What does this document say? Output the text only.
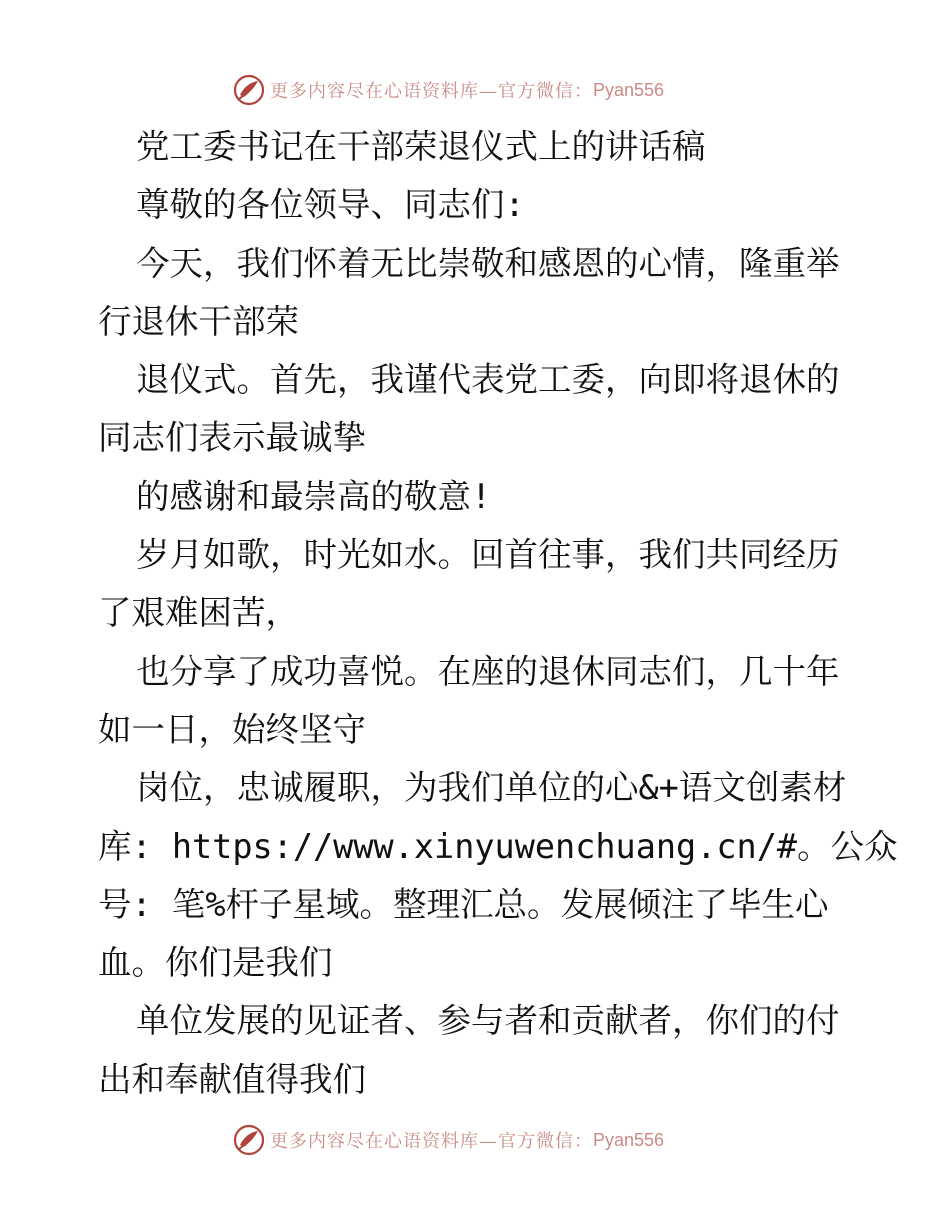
更多内容尽在心语资料库—官方微信： Pyan556
党工委书记在干部荣退仪式上的讲话稿
尊敬的各位领导、同志们:
今天，我们怀着无比崇敬和感恩的心情，隆重举
行退休干部荣
退仪式。首先，我谨代表党工委，向即将退休的
同志们表示最诚挚
的感谢和最崇高的敬意!
岁月如歌，时光如水。回首往事，我们共同经历
了艰难困苦，
也分享了成功喜悦。在座的退休同志们，几十年
如一日，始终坚守
岗位，忠诚履职，为我们单位的心&+语文创素材
库: https://www.xinyuwenchuang.cn/#。公众
号: 笔%杆子星域。整理汇总。发展倾注了毕生心
血。你们是我们
单位发展的见证者、参与者和贡献者，你们的付
出和奉献值得我们
更多内容尽在心语资料库—官方微信： Pyan556
